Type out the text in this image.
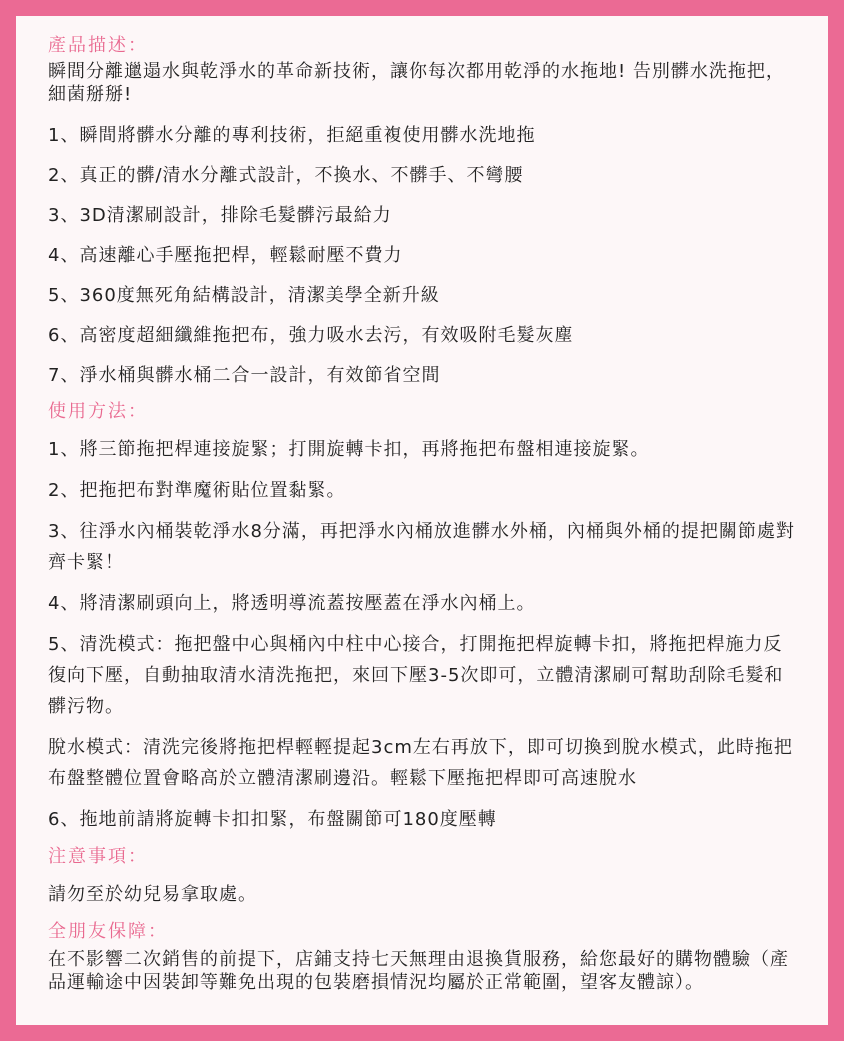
產品描述：
瞬間分離邋遢水與乾淨水的革命新技術，讓你每次都用乾淨的水拖地! 告別髒水洗拖把，細菌掰掰!
1、瞬間將髒水分離的專利技術，拒絕重複使用髒水洗地拖
2、真正的髒/清水分離式設計，不換水、不髒手、不彎腰
3、3D清潔刷設計，排除毛髮髒污最給力
4、高速離心手壓拖把桿，輕鬆耐壓不費力
5、360度無死角結構設計，清潔美學全新升級
6、高密度超細纖維拖把布，強力吸水去污，有效吸附毛髮灰塵
7、淨水桶與髒水桶二合一設計，有效節省空間
使用方法：
1、將三節拖把桿連接旋緊；打開旋轉卡扣，再將拖把布盤相連接旋緊。
2、把拖把布對準魔術貼位置黏緊。
3、往淨水內桶裝乾淨水8分滿，再把淨水內桶放進髒水外桶，內桶與外桶的提把關節處對齊卡緊！
4、將清潔刷頭向上，將透明導流蓋按壓蓋在淨水內桶上。
5、清洗模式：拖把盤中心與桶內中柱中心接合，打開拖把桿旋轉卡扣，將拖把桿施力反復向下壓，自動抽取清水清洗拖把，來回下壓3-5次即可，立體清潔刷可幫助刮除毛髮和髒污物。
脫水模式：清洗完後將拖把桿輕輕提起3cm左右再放下，即可切換到脫水模式，此時拖把布盤整體位置會略高於立體清潔刷邊沿。輕鬆下壓拖把桿即可高速脫水
6、拖地前請將旋轉卡扣扣緊，布盤關節可180度壓轉
注意事項：
請勿至於幼兒易拿取處。
全朋友保障：
在不影響二次銷售的前提下，店鋪支持七天無理由退換貨服務，給您最好的購物體驗（產品運輸途中因裝卸等難免出現的包裝磨損情況均屬於正常範圍，望客友體諒）。
